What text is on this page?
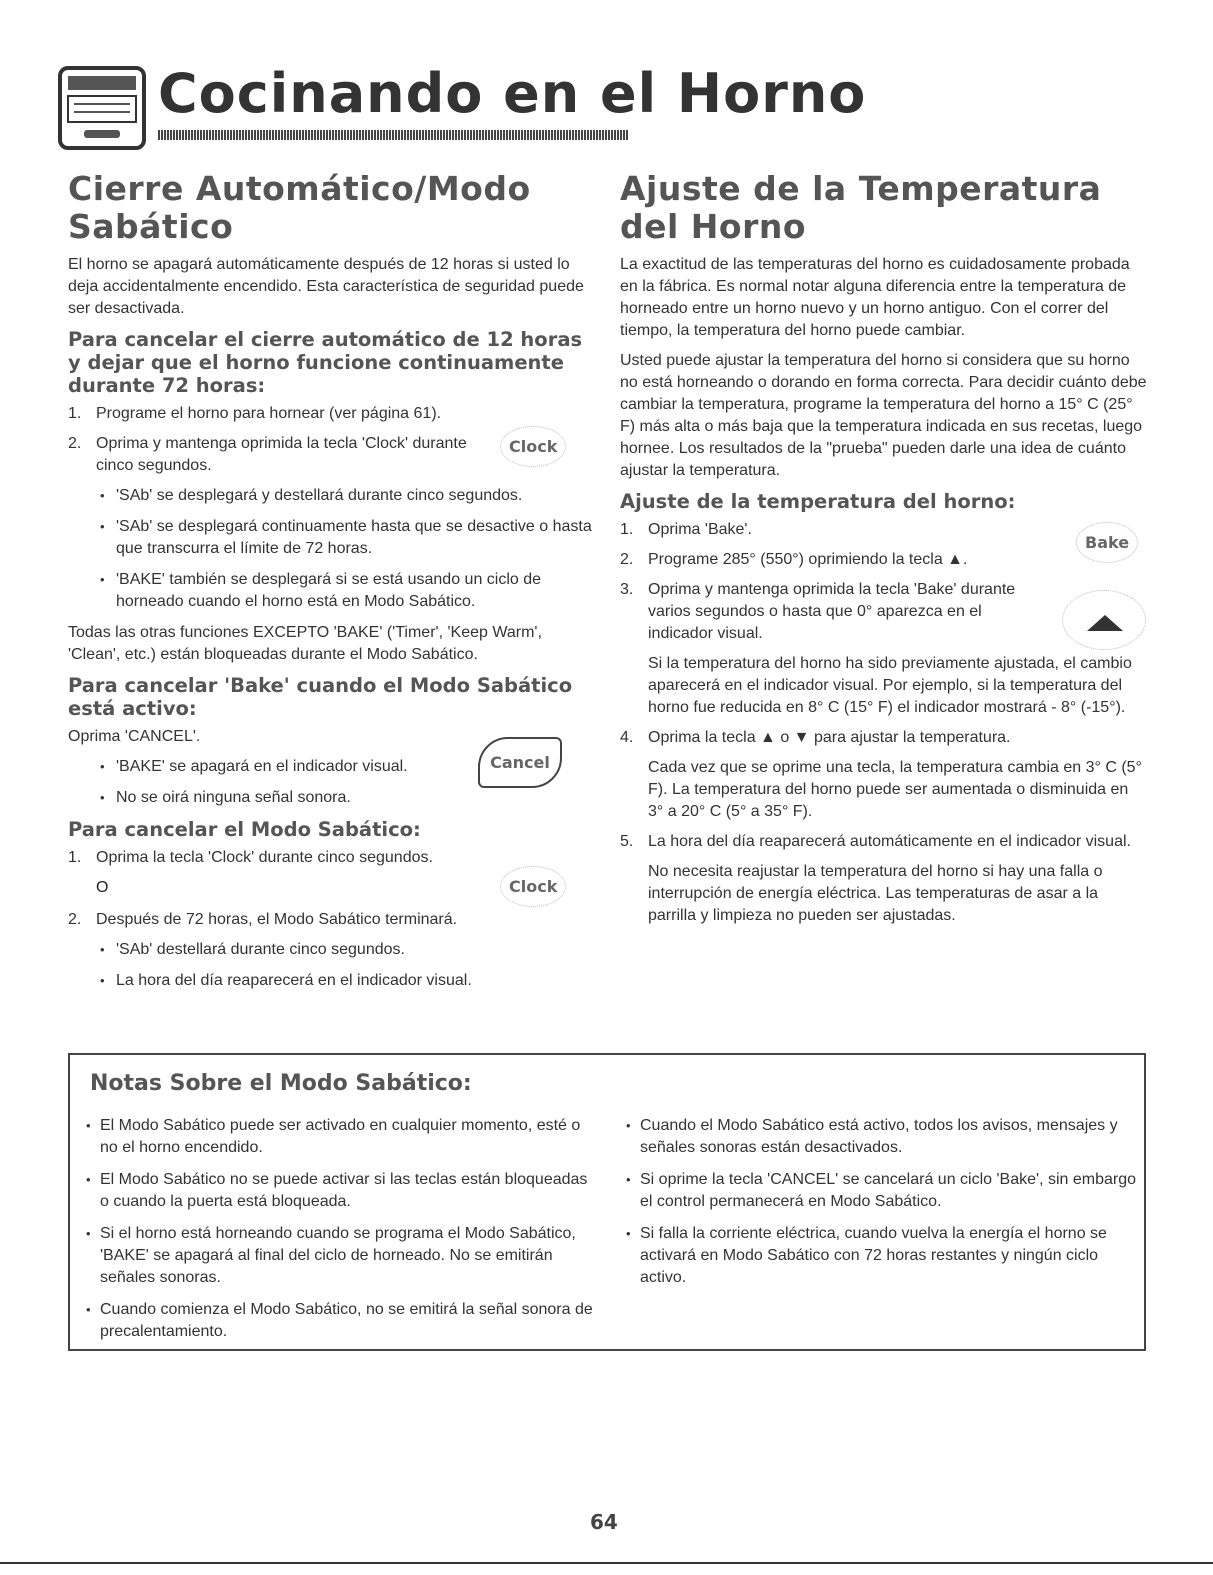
Cocinando en el Horno
Cierre Automático/Modo Sabático

El horno se apagará automáticamente después de 12 horas si usted lo deja accidentalmente encendido. Esta característica de seguridad puede ser desactivada.

Para cancelar el cierre automático de 12 horas y dejar que el horno funcione continuamente durante 72 horas:
1. Programe el horno para hornear (ver página 61).
2. Oprima y mantenga oprimida la tecla 'Clock' durante cinco segundos.
• 'SAb' se desplegará y destellará durante cinco segundos.
• 'SAb' se desplegará continuamente hasta que se desactive o hasta que transcurra el límite de 72 horas.
• 'BAKE' también se desplegará si se está usando un ciclo de horneado cuando el horno está en Modo Sabático.

Todas las otras funciones EXCEPTO 'BAKE' ('Timer', 'Keep Warm', 'Clean', etc.) están bloqueadas durante el Modo Sabático.

Para cancelar 'Bake' cuando el Modo Sabático está activo:

Oprima 'CANCEL'.

• 'BAKE' se apagará en el indicador visual.
• No se oirá ninguna señal sonora.
Para cancelar el Modo Sabático:
1. Oprima la tecla 'Clock' durante cinco segundos.
O
2. Después de 72 horas, el Modo Sabático terminará.
• 'SAb' destellará durante cinco segundos.
• La hora del día reaparecerá en el indicador visual.
Clock
Cancel
Clock
Ajuste de la Temperatura del Horno

La exactitud de las temperaturas del horno es cuidadosamente probada en la fábrica. Es normal notar alguna diferencia entre la temperatura de horneado entre un horno nuevo y un horno antiguo. Con el correr del tiempo, la temperatura del horno puede cambiar.

Usted puede ajustar la temperatura del horno si considera que su horno no está horneando o dorando en forma correcta. Para decidir cuánto debe cambiar la temperatura, programe la temperatura del horno a 15° C (25° F) más alta o más baja que la temperatura indicada en sus recetas, luego hornee. Los resultados de la "prueba" pueden darle una idea de cuánto ajustar la temperatura.

Ajuste de la temperatura del horno:
1. Oprima 'Bake'.
2. Programe 285° (550°) oprimiendo la tecla ▲.
3. Oprima y mantenga oprimida la tecla 'Bake' durante varios segundos o hasta que 0° aparezca en el indicador visual.
Si la temperatura del horno ha sido previamente ajustada, el cambio aparecerá en el indicador visual. Por ejemplo, si la temperatura del horno fue reducida en 8° C (15° F) el indicador mostrará - 8° (-15°).
4. Oprima la tecla ▲ o ▼ para ajustar la temperatura.
Cada vez que se oprime una tecla, la temperatura cambia en 3° C (5° F). La temperatura del horno puede ser aumentada o disminuida en 3° a 20° C (5° a 35° F).
5. La hora del día reaparecerá automáticamente en el indicador visual.
No necesita reajustar la temperatura del horno si hay una falla o interrupción de energía eléctrica. Las temperaturas de asar a la parrilla y limpieza no pueden ser ajustadas.
Bake
Notas Sobre el Modo Sabático:
• El Modo Sabático puede ser activado en cualquier momento, esté o no el horno encendido.
• El Modo Sabático no se puede activar si las teclas están bloqueadas o cuando la puerta está bloqueada.
• Si el horno está horneando cuando se programa el Modo Sabático, 'BAKE' se apagará al final del ciclo de horneado. No se emitirán señales sonoras.
• Cuando comienza el Modo Sabático, no se emitirá la señal sonora de precalentamiento.
• Cuando el Modo Sabático está activo, todos los avisos, mensajes y señales sonoras están desactivados.
• Si oprime la tecla 'CANCEL' se cancelará un ciclo 'Bake', sin embargo el control permanecerá en Modo Sabático.
• Si falla la corriente eléctrica, cuando vuelva la energía el horno se activará en Modo Sabático con 72 horas restantes y ningún ciclo activo.
64
